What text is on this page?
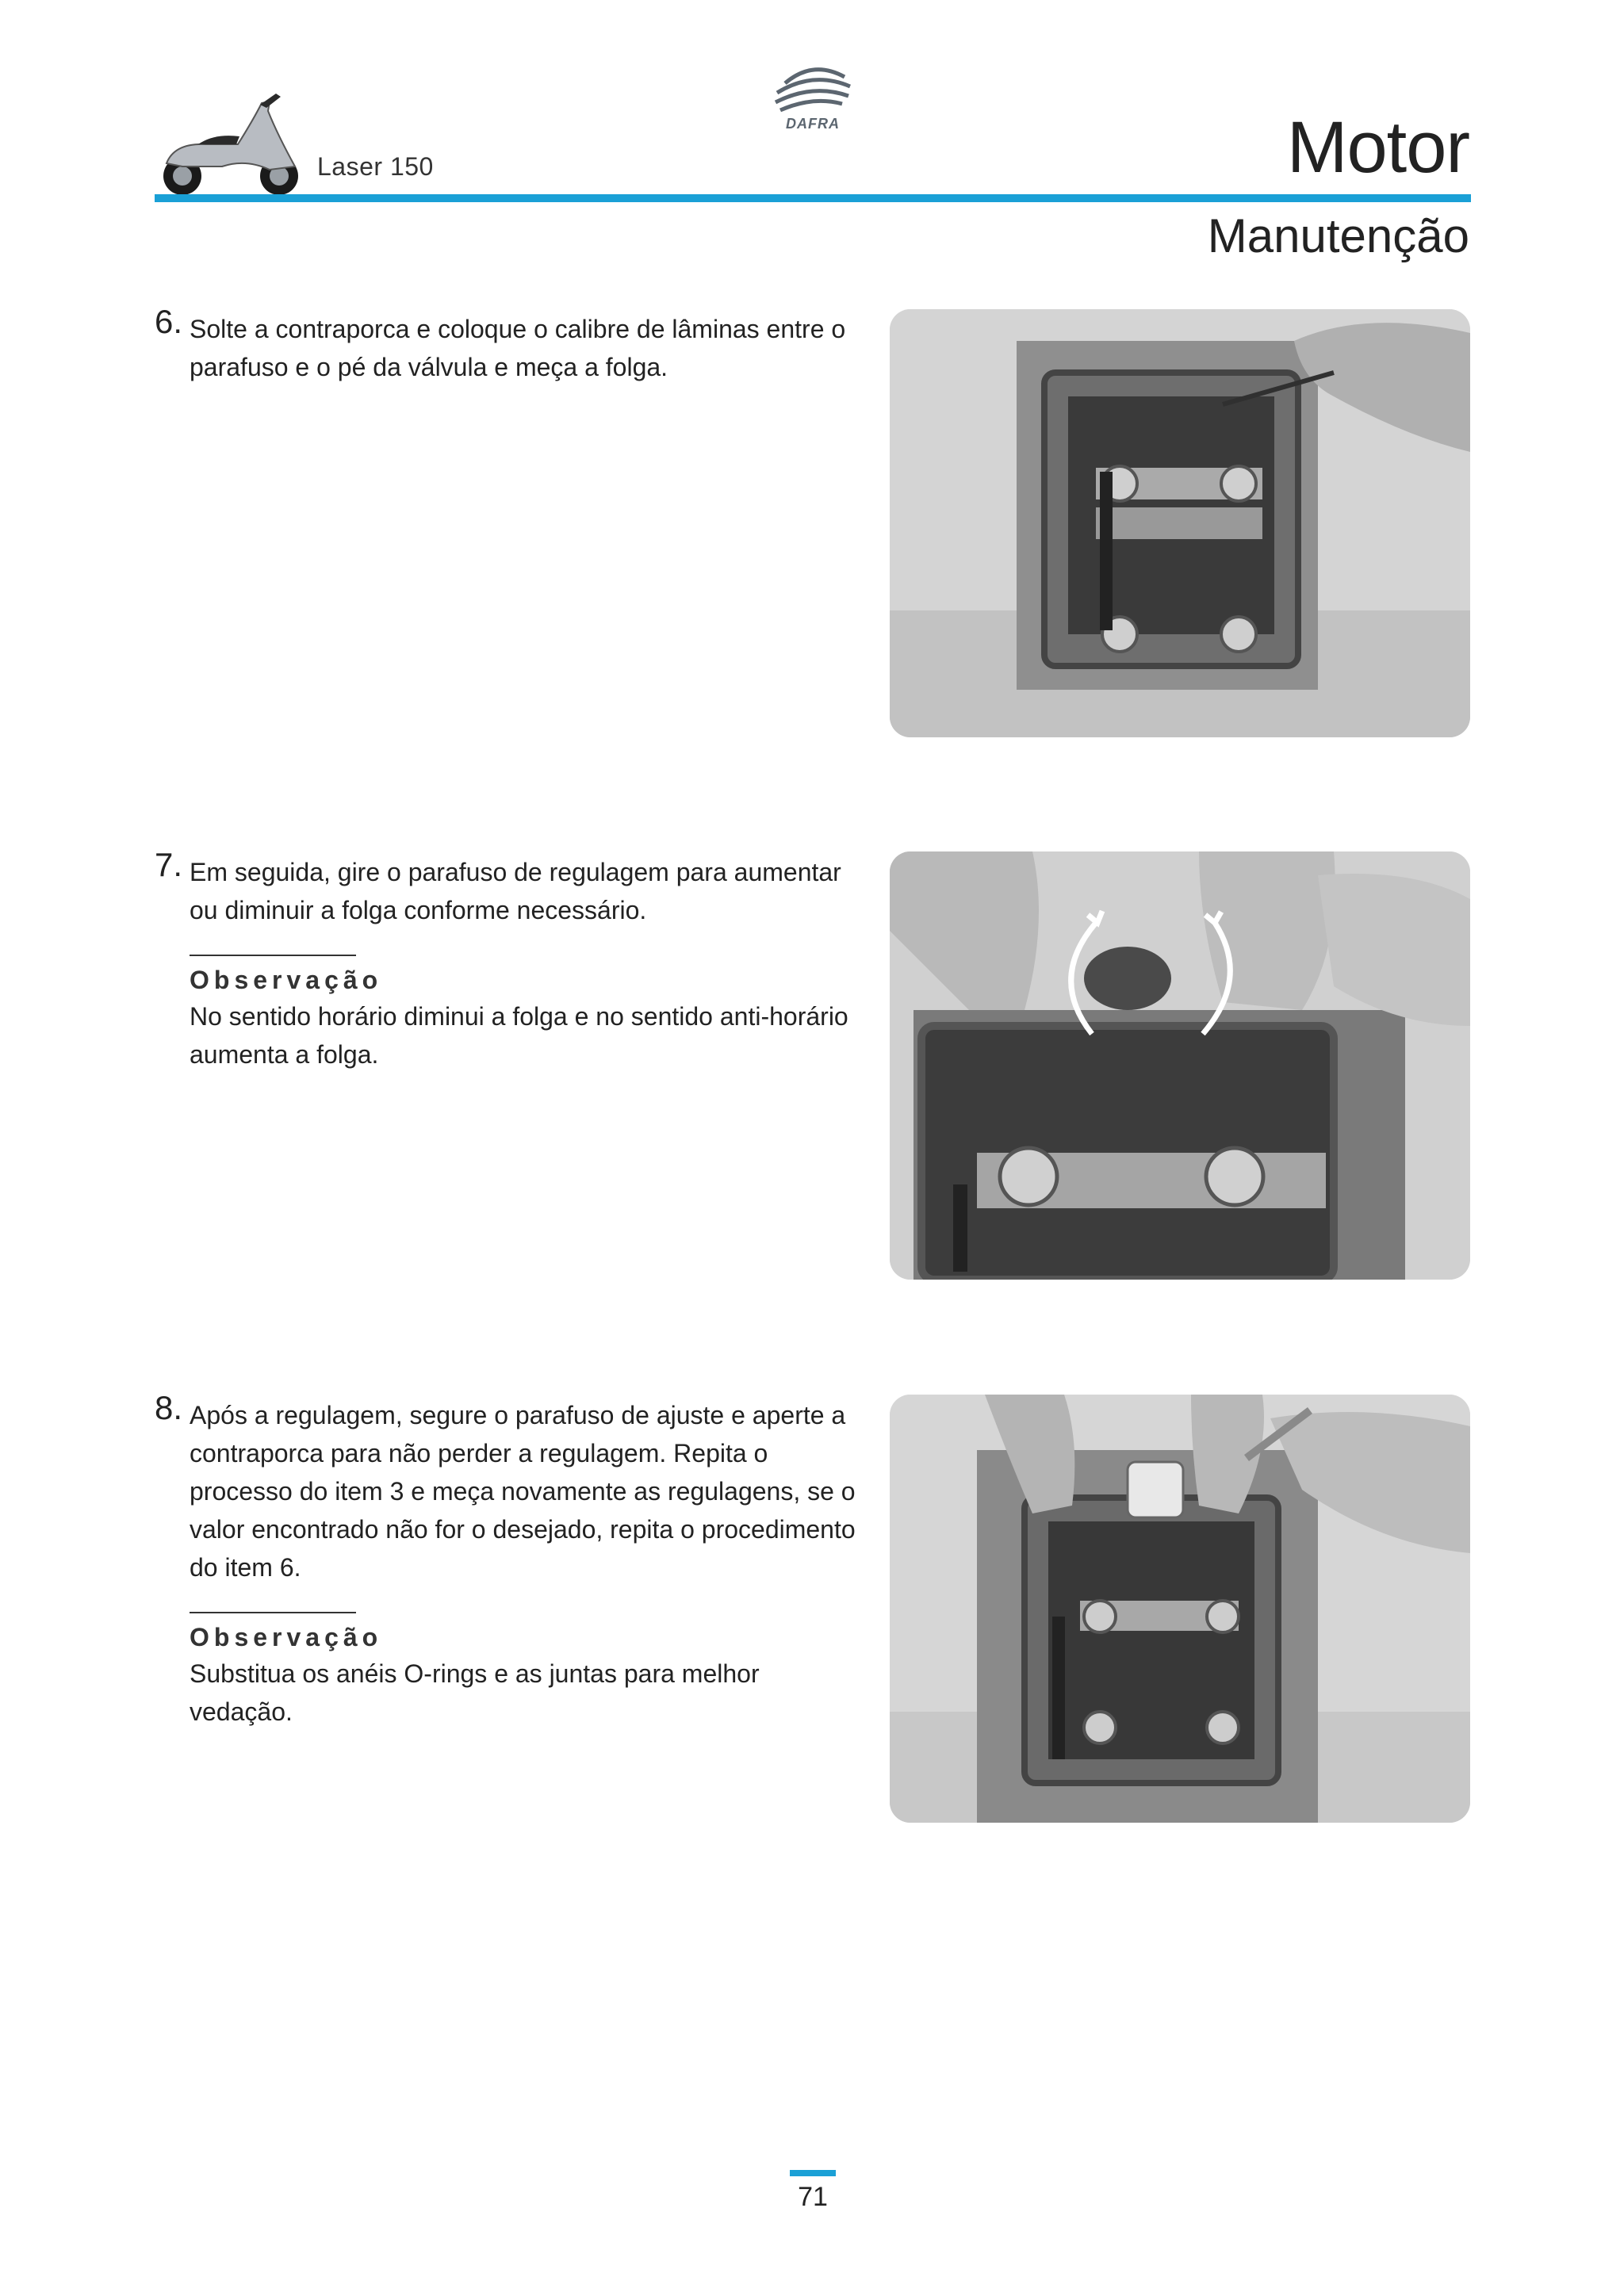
Laser 150
DAFRA	Motor
Manutenção
6. Solte a contraporca e coloque o calibre de lâminas entre o parafuso e o pé da válvula e meça a folga.
7. Em seguida, gire o parafuso de regulagem para aumentar ou diminuir a folga conforme necessário.
Observação
No sentido horário diminui a folga e no sentido anti-horário aumenta a folga.
8. Após a regulagem, segure o parafuso de ajuste e aperte a contraporca para não perder a regulagem. Repita o processo do item 3 e meça novamente as regulagens, se o valor encontrado não for o desejado, repita o procedimento do item 6.
Observação
Substitua os anéis O-rings e as juntas para melhor vedação.
71
